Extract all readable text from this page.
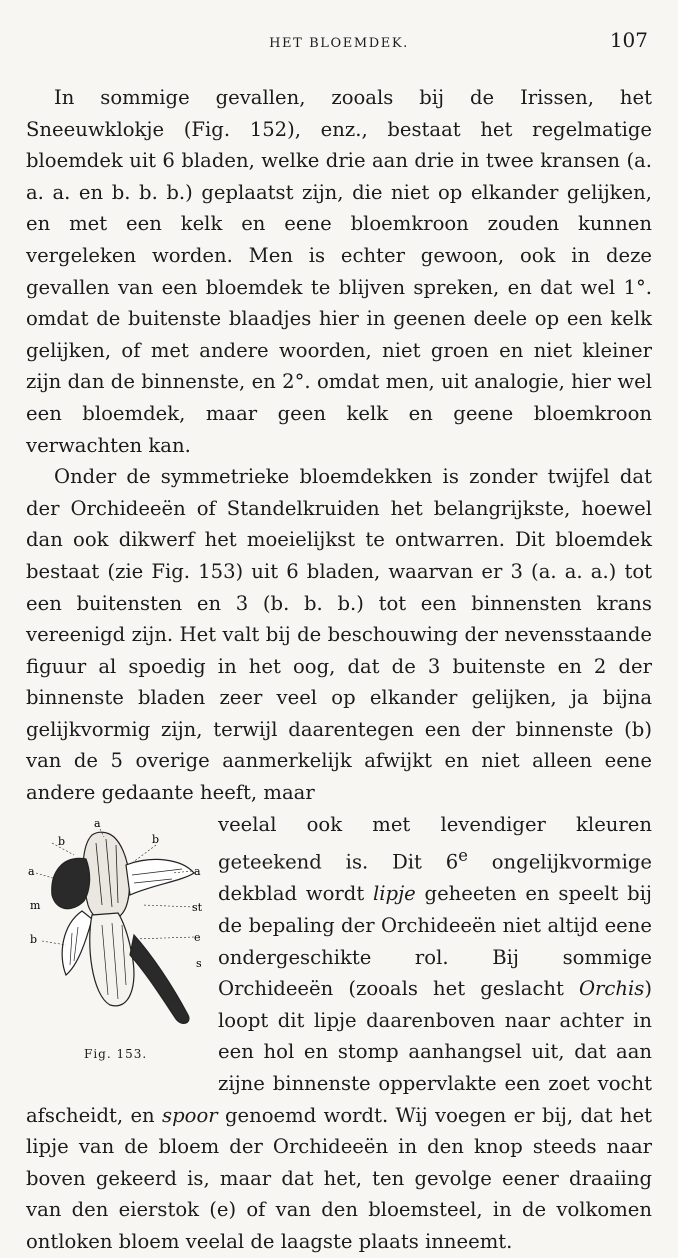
HET BLOEMDEK.	107

In sommige gevallen, zooals bij de Irissen, het Sneeuwklokje (Fig. 152), enz., bestaat het regelmatige bloemdek uit 6 bladen, welke drie aan drie in twee kransen (a. a. a. en b. b. b.) geplaatst zijn, die niet op elkander gelijken, en met een kelk en eene bloemkroon zouden kunnen vergeleken worden. Men is echter gewoon, ook in deze gevallen van een bloemdek te blijven spreken, en dat wel 1°. omdat de buitenste blaadjes hier in geenen deele op een kelk gelijken, of met andere woorden, niet groen en niet kleiner zijn dan de binnenste, en 2°. omdat men, uit analogie, hier wel een bloemdek, maar geen kelk en geene bloemkroon verwachten kan.

Onder de symmetrieke bloemdekken is zonder twijfel dat der Orchideeën of Standelkruiden het belangrijkste, hoewel dan ook dikwerf het moeielijkst te ontwarren. Dit bloemdek bestaat (zie Fig. 153) uit 6 bladen, waarvan er 3 (a. a. a.) tot een buitensten en 3 (b. b. b.) tot een binnensten krans vereenigd zijn. Het valt bij de beschouwing der nevensstaande figuur al spoedig in het oog, dat de 3 buitenste en 2 der binnenste bladen zeer veel op elkander gelijken, ja bijna gelijkvormig zijn, terwijl daarentegen een der binnenste (b) van de 5 overige aanmerkelijk afwijkt en niet alleen eene andere gedaante heeft, maar

a
b	b
a	a
m	st
b	e
s
Fig. 153.

veelal ook met levendiger kleuren geteekend is. Dit 6e ongelijkvormige dekblad wordt lipje geheeten en speelt bij de bepaling der Orchideeën niet altijd eene ondergeschikte rol. Bij sommige Orchideeën (zooals het geslacht Orchis) loopt dit lipje daarenboven naar achter in een hol en stomp aanhangsel uit, dat aan zijne binnenste oppervlakte een zoet vocht afscheidt, en spoor genoemd wordt. Wij voegen er bij, dat het lipje van de bloem der Orchideeën in den knop steeds naar boven gekeerd is, maar dat het, ten gevolge eener draaiing van den eierstok (e) of van den bloemsteel, in de volkomen ontloken bloem veelal de laagste plaats inneemt.
